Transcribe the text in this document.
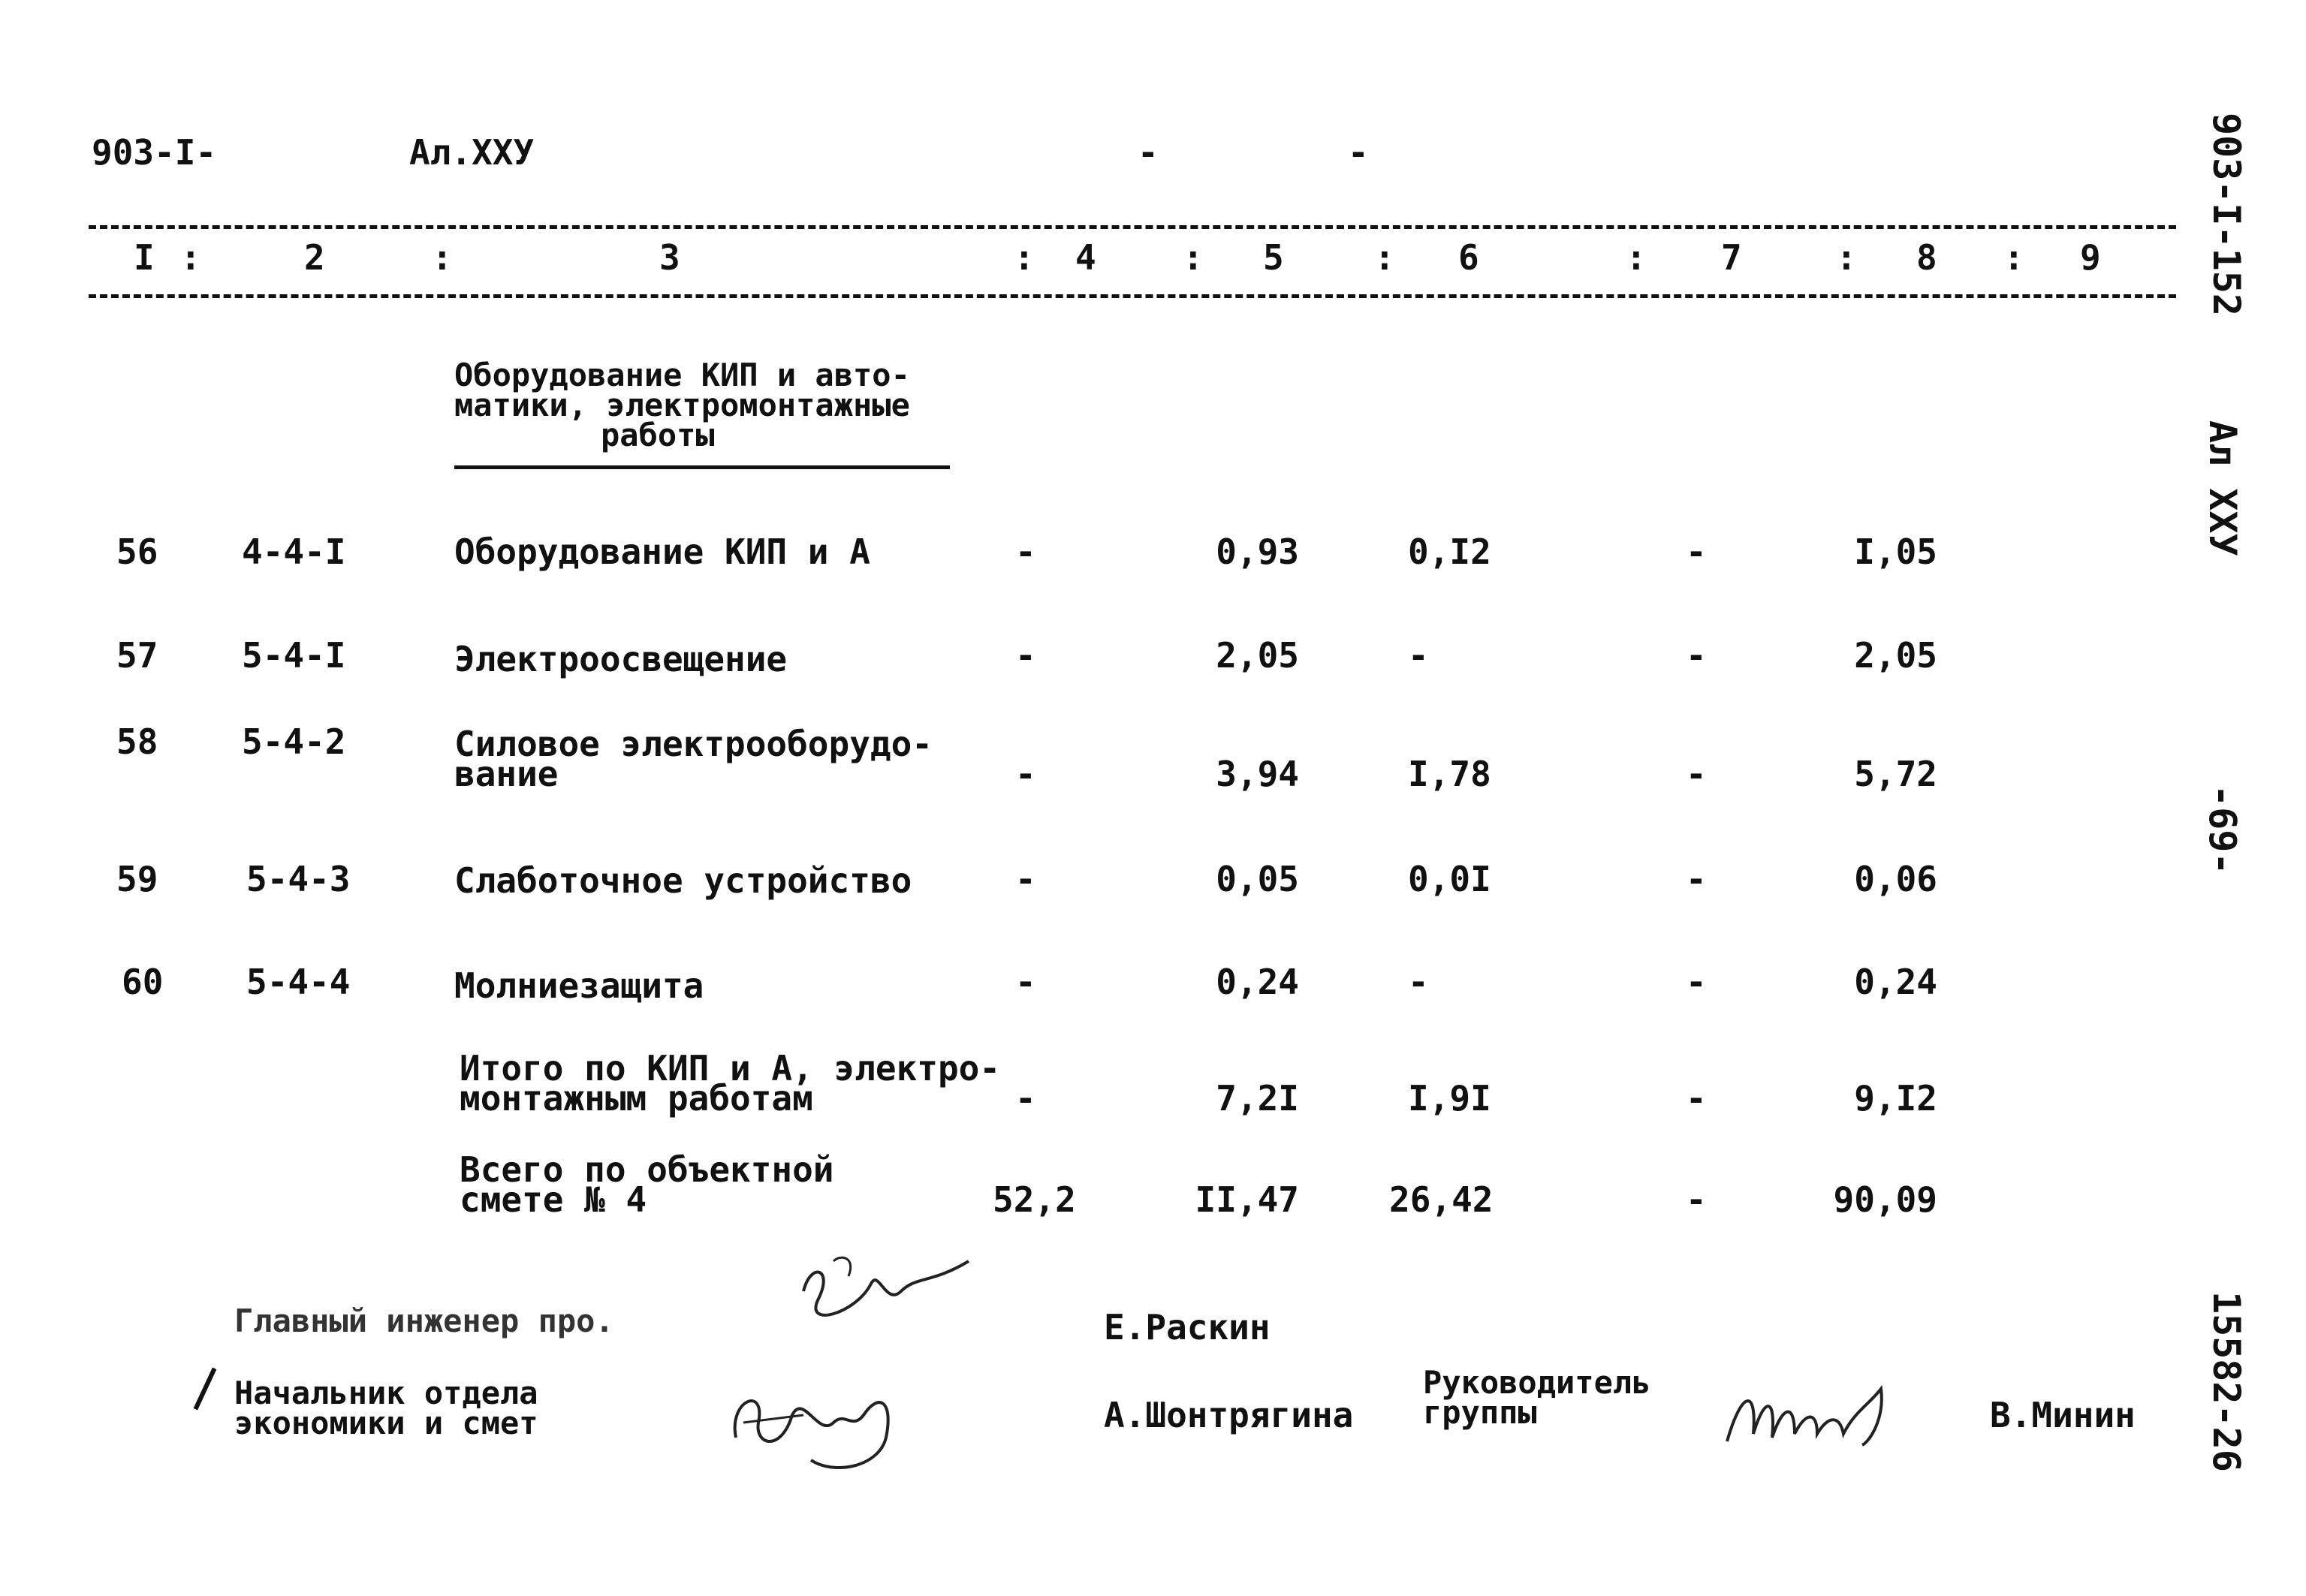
903-I-	Ал.XXУ	-	-
I :	2	:	3	: 4	: 5	: 6	: 7	: 8 : 9
Оборудование КИП и авто-
матики, электромонтажные
работы
56 4-4-I	Оборудование КИП и А	-	0,93	0,I2	-	I,05
57 5-4-I	Электроосвещение	-	2,05	-	-	2,05
58 5-4-2	Силовое электрооборудо-
вание	-	3,94	I,78	-	5,72
59	5-4-3	Слаботочное устройство	-	0,05	0,0I	-	0,06
60 5-4-4	Молниезащита	-	0,24	-	-	0,24
Итого по КИП и А, электро-
монтажным работам	-	7,2I	I,9I	-	9,I2
Всего по объектной
смете № 4	52,2	II,47	26,42	-	90,09
Главный инженер про.	Е.Раскин
Начальник отдела
экономики и смет	А.Шонтрягина
Руководитель
группы	В.Минин
903-I-152
Ал XXУ
-69-
15582-26
